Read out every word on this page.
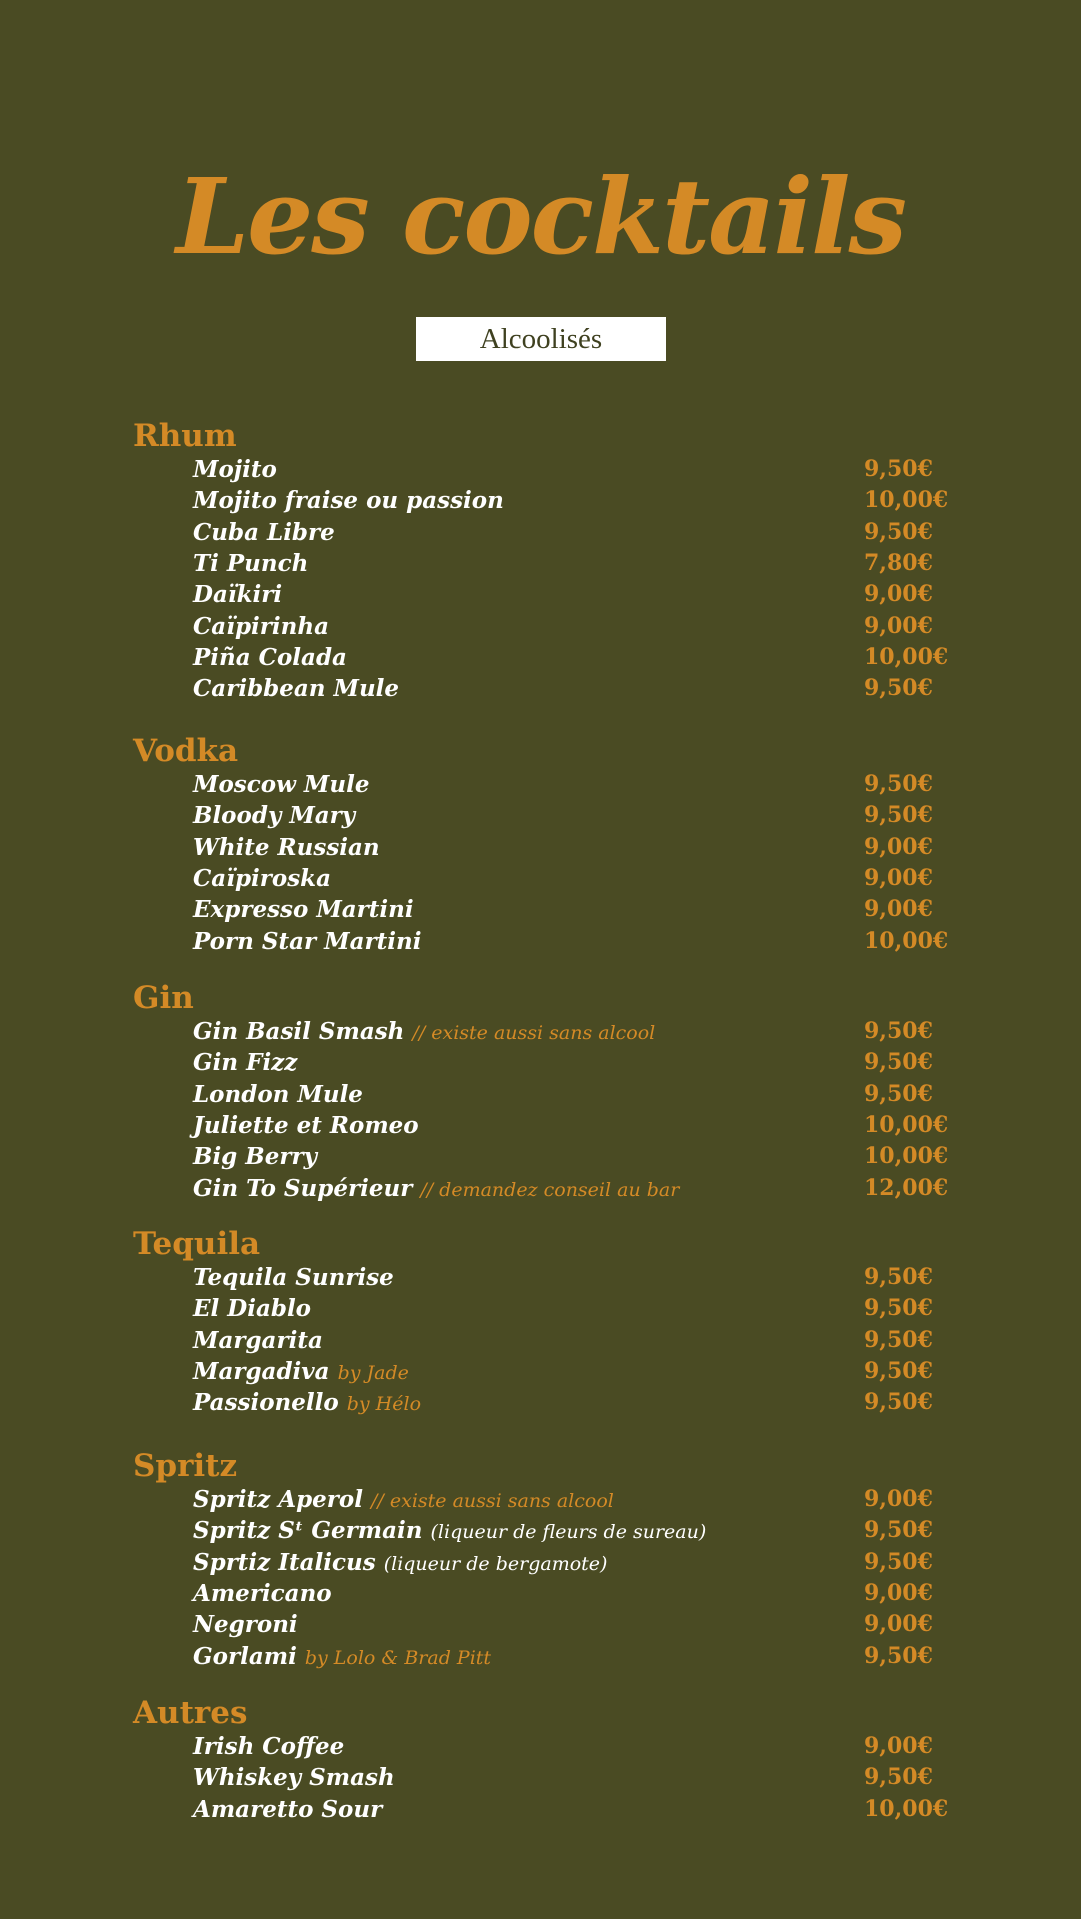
Les cocktails
Alcoolisés
Rhum
Mojito	9,50€
Mojito fraise ou passion	10,00€
Cuba Libre	9,50€
Ti Punch	7,80€
Daïkiri	9,00€
Caïpirinha	9,00€
Piña Colada	10,00€
Caribbean Mule	9,50€
Vodka
Moscow Mule	9,50€
Bloody Mary	9,50€
White Russian	9,00€
Caïpiroska	9,00€
Expresso Martini	9,00€
Porn Star Martini	10,00€
Gin
Gin Basil Smash // existe aussi sans alcool	9,50€
Gin Fizz	9,50€
London Mule	9,50€
Juliette et Romeo	10,00€
Big Berry	10,00€
Gin To Supérieur // demandez conseil au bar	12,00€
Tequila
Tequila Sunrise	9,50€
El Diablo	9,50€
Margarita	9,50€
Margadiva by Jade	9,50€
Passionello by Hélo	9,50€
Spritz
Spritz Aperol // existe aussi sans alcool	9,00€
Spritz Sᵗ Germain (liqueur de fleurs de sureau)	9,50€
Sprtiz Italicus (liqueur de bergamote)	9,50€
Americano	9,00€
Negroni	9,00€
Gorlami by Lolo & Brad Pitt	9,50€
Autres
Irish Coffee	9,00€
Whiskey Smash	9,50€
Amaretto Sour	10,00€
